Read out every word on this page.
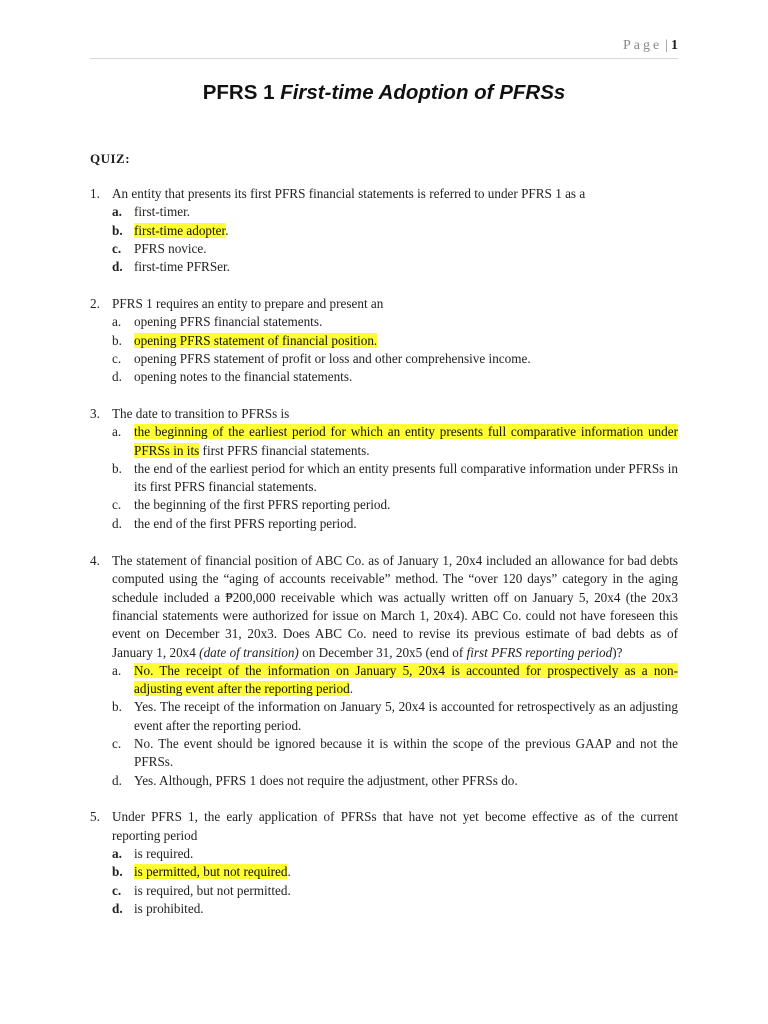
Page | 1
PFRS 1 First-time Adoption of PFRSs
QUIZ:
1. An entity that presents its first PFRS financial statements is referred to under PFRS 1 as a
a. first-timer.
b. first-time adopter.
c. PFRS novice.
d. first-time PFRSer.
2. PFRS 1 requires an entity to prepare and present an
a. opening PFRS financial statements.
b. opening PFRS statement of financial position.
c. opening PFRS statement of profit or loss and other comprehensive income.
d. opening notes to the financial statements.
3. The date to transition to PFRSs is
a. the beginning of the earliest period for which an entity presents full comparative information under PFRSs in its first PFRS financial statements.
b. the end of the earliest period for which an entity presents full comparative information under PFRSs in its first PFRS financial statements.
c. the beginning of the first PFRS reporting period.
d. the end of the first PFRS reporting period.
4. The statement of financial position of ABC Co. as of January 1, 20x4 included an allowance for bad debts computed using the “aging of accounts receivable” method. The “over 120 days” category in the aging schedule included a ₱200,000 receivable which was actually written off on January 5, 20x4 (the 20x3 financial statements were authorized for issue on March 1, 20x4). ABC Co. could not have foreseen this event on December 31, 20x3. Does ABC Co. need to revise its previous estimate of bad debts as of January 1, 20x4 (date of transition) on December 31, 20x5 (end of first PFRS reporting period)?
a. No. The receipt of the information on January 5, 20x4 is accounted for prospectively as a non-adjusting event after the reporting period.
b. Yes. The receipt of the information on January 5, 20x4 is accounted for retrospectively as an adjusting event after the reporting period.
c. No. The event should be ignored because it is within the scope of the previous GAAP and not the PFRSs.
d. Yes. Although, PFRS 1 does not require the adjustment, other PFRSs do.
5. Under PFRS 1, the early application of PFRSs that have not yet become effective as of the current reporting period
a. is required.
b. is permitted, but not required.
c. is required, but not permitted.
d. is prohibited.
